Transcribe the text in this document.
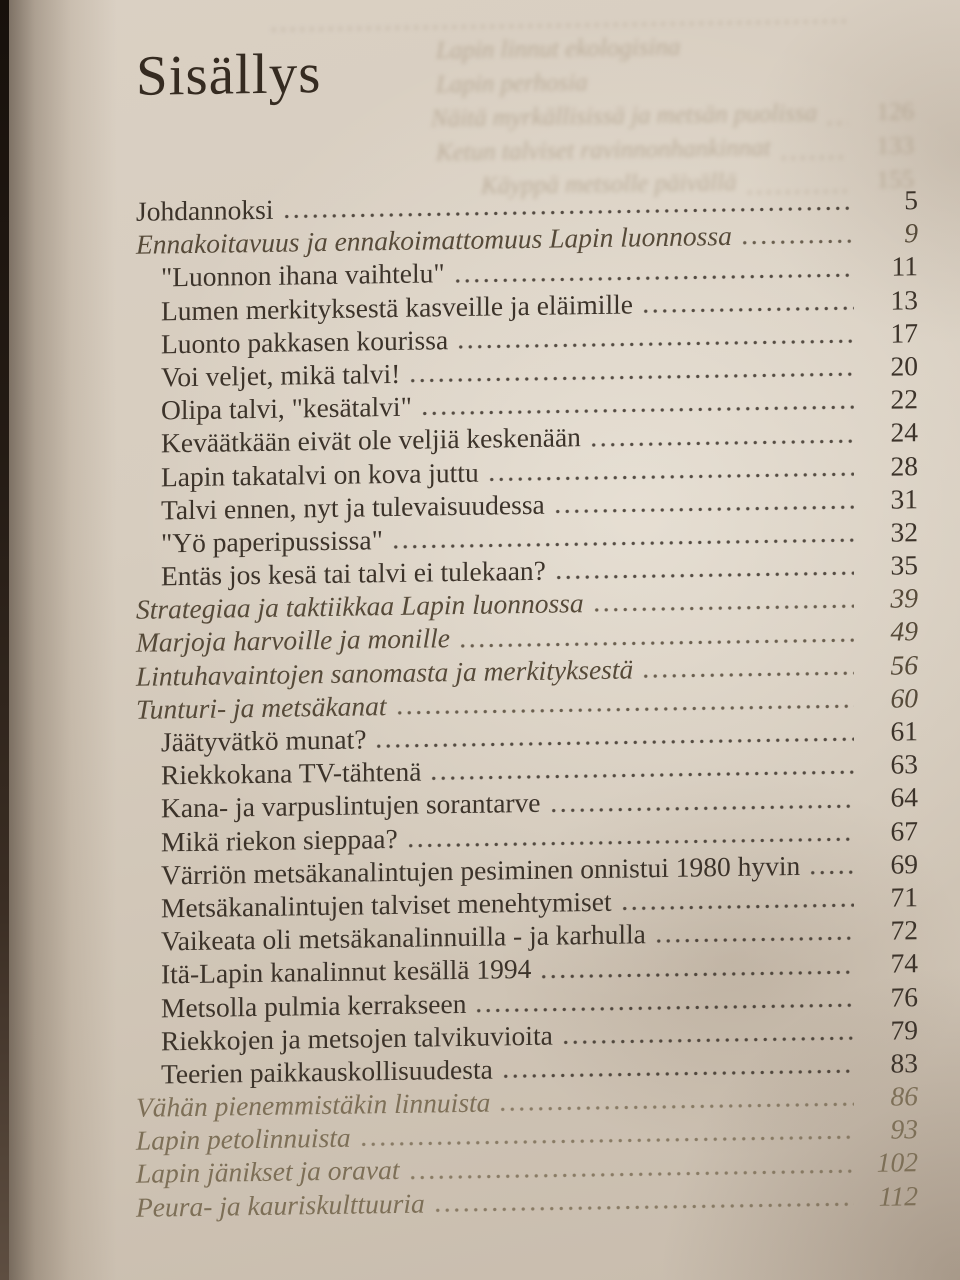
Lapin linnut ekologisina
Lapin perhosia
Näitä myrkällisissä ja metsän puolissa	126
Ketun talviset ravinnonhankinnat	133
Käyppä metsolle päivällä	155
Sisällys
Johdannoksi	5
Ennakoitavuus ja ennakoimattomuus Lapin luonnossa	9
"Luonnon ihana vaihtelu"	11
Lumen merkityksestä kasveille ja eläimille	13
Luonto pakkasen kourissa	17
Voi veljet, mikä talvi!	20
Olipa talvi, "kesätalvi"	22
Keväätkään eivät ole veljiä keskenään	24
Lapin takatalvi on kova juttu	28
Talvi ennen, nyt ja tulevaisuudessa	31
"Yö paperipussissa"	32
Entäs jos kesä tai talvi ei tulekaan?	35
Strategiaa ja taktiikkaa Lapin luonnossa	39
Marjoja harvoille ja monille	49
Lintuhavaintojen sanomasta ja merkityksestä	56
Tunturi- ja metsäkanat	60
Jäätyvätkö munat?	61
Riekkokana TV-tähtenä	63
Kana- ja varpuslintujen sorantarve	64
Mikä riekon sieppaa?	67
Värriön metsäkanalintujen pesiminen onnistui 1980 hyvin	69
Metsäkanalintujen talviset menehtymiset	71
Vaikeata oli metsäkanalinnuilla - ja karhulla	72
Itä-Lapin kanalinnut kesällä 1994	74
Metsolla pulmia kerrakseen	76
Riekkojen ja metsojen talvikuvioita	79
Teerien paikkauskollisuudesta	83
Vähän pienemmistäkin linnuista	86
Lapin petolinnuista	93
Lapin jänikset ja oravat	102
Peura- ja kauriskulttuuria	112
